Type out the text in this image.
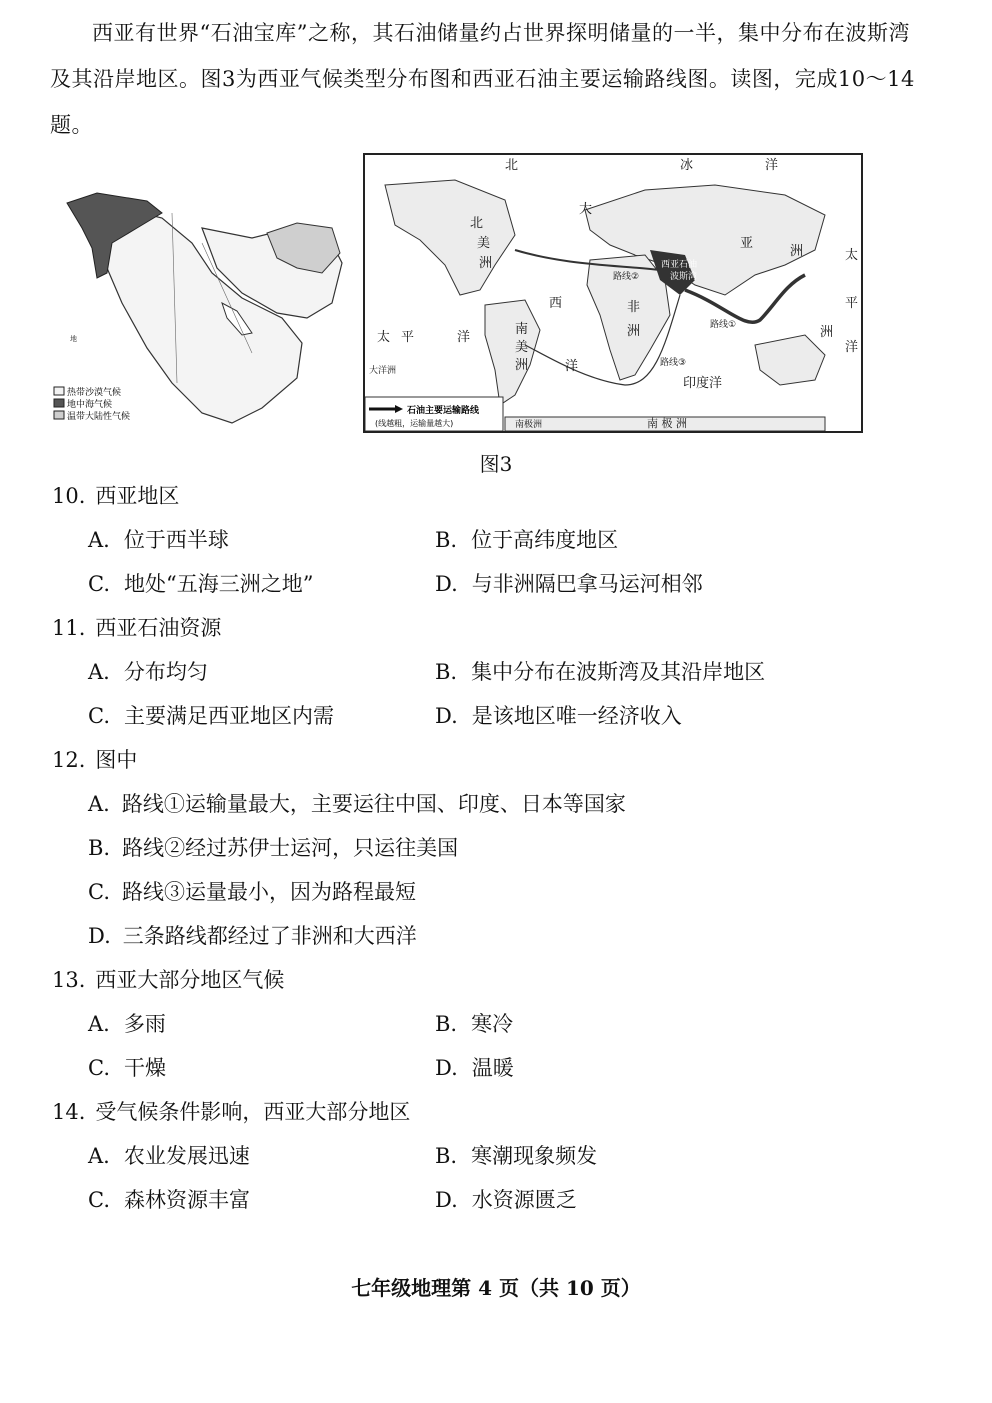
西亚有世界“石油宝库”之称，其石油储量约占世界探明储量的一半，集中分布在波斯湾及其沿岸地区。图3为西亚气候类型分布图和西亚石油主要运输路线图。读图，完成10～14题。

地
热带沙漠气候
地中海气候
温带大陆性气候
北	冰	洋
北
美
洲
大
西
洋
南
美
洲
非
洲
亚
洲
太 平	洋
太
平
洋
洲
印度洋
南 极 洲
西亚石油
波斯湾
路线①
路线②
路线③
大洋洲
南极洲
石油主要运输路线
(线越粗，运输量越大)
图3
10. 西亚地区
A. 位于西半球	B. 位于高纬度地区
C. 地处“五海三洲之地”	D. 与非洲隔巴拿马运河相邻
11. 西亚石油资源
A. 分布均匀	B. 集中分布在波斯湾及其沿岸地区
C. 主要满足西亚地区内需	D. 是该地区唯一经济收入
12. 图中
A. 路线①运输量最大，主要运往中国、印度、日本等国家
B. 路线②经过苏伊士运河，只运往美国
C. 路线③运量最小，因为路程最短
D. 三条路线都经过了非洲和大西洋
13. 西亚大部分地区气候
A. 多雨	B. 寒冷
C. 干燥	D. 温暖
14. 受气候条件影响，西亚大部分地区
A. 农业发展迅速	B. 寒潮现象频发
C. 森林资源丰富	D. 水资源匮乏
七年级地理第 4 页（共 10 页）
